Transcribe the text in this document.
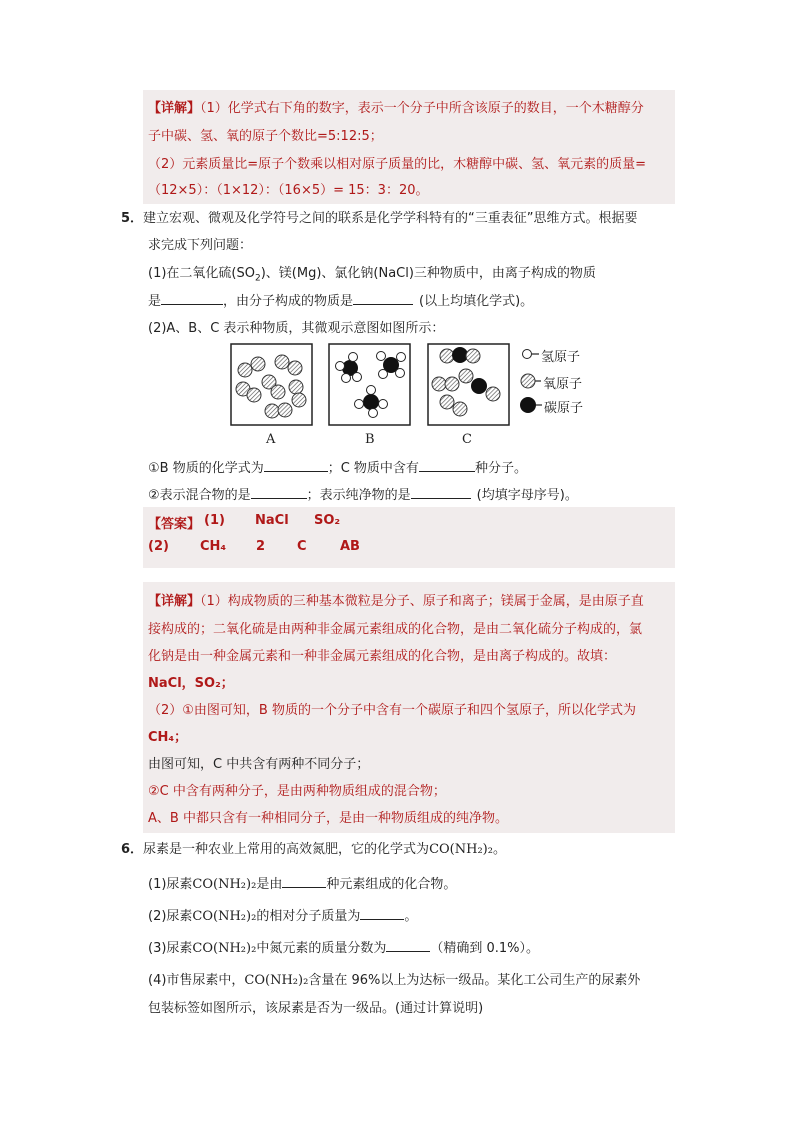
【详解】（1）化学式右下角的数字，表示一个分子中所含该原子的数目，一个木糖醇分
子中碳、氢、氧的原子个数比=5:12:5；
（2）元素质量比=原子个数乘以相对原子质量的比，木糖醇中碳、氢、氧元素的质量=
（12×5）：（1×12）：（16×5）= 15：3：20。
5．建立宏观、微观及化学符号之间的联系是化学学科特有的“三重表征”思维方式。根据要
求完成下列问题：
(1)在二氧化硫$(SO_2)$、镁(Mg)、氯化钠(NaCl)三种物质中，由离子构成的物质
是	，由分子构成的物质是	(以上均填化学式)。
(2)A、B、C 表示种物质，其微观示意图如图所示：
氢原子
氧原子
碳原子
A	B	C
①B 物质的化学式为	；C 物质中含有	种分子。
②表示混合物的是	；表示纯净物的是	(均填字母序号)。
【答案】 (1) NaCl SO₂
(2) CH₄ 2 C	AB
【详解】（1）构成物质的三种基本微粒是分子、原子和离子；镁属于金属，是由原子直
接构成的；二氧化硫是由两种非金属元素组成的化合物，是由二氧化硫分子构成的，氯
化钠是由一种金属元素和一种非金属元素组成的化合物，是由离子构成的。故填：
NaCl，SO₂；
（2）①由图可知，B 物质的一个分子中含有一个碳原子和四个氢原子，所以化学式为
CH₄；
由图可知，C 中共含有两种不同分子；
②C 中含有两种分子，是由两种物质组成的混合物；
A、B 中都只含有一种相同分子，是由一种物质组成的纯净物。
6．尿素是一种农业上常用的高效氮肥，它的化学式为CO(NH₂)₂。
(1)尿素CO(NH₂)₂是由	种元素组成的化合物。
(2)尿素CO(NH₂)₂的相对分子质量为	。
(3)尿素CO(NH₂)₂中氮元素的质量分数为	（精确到 0.1%）。
(4)市售尿素中，CO(NH₂)₂含量在 96%以上为达标一级品。某化工公司生产的尿素外
包装标签如图所示，该尿素是否为一级品。(通过计算说明)
